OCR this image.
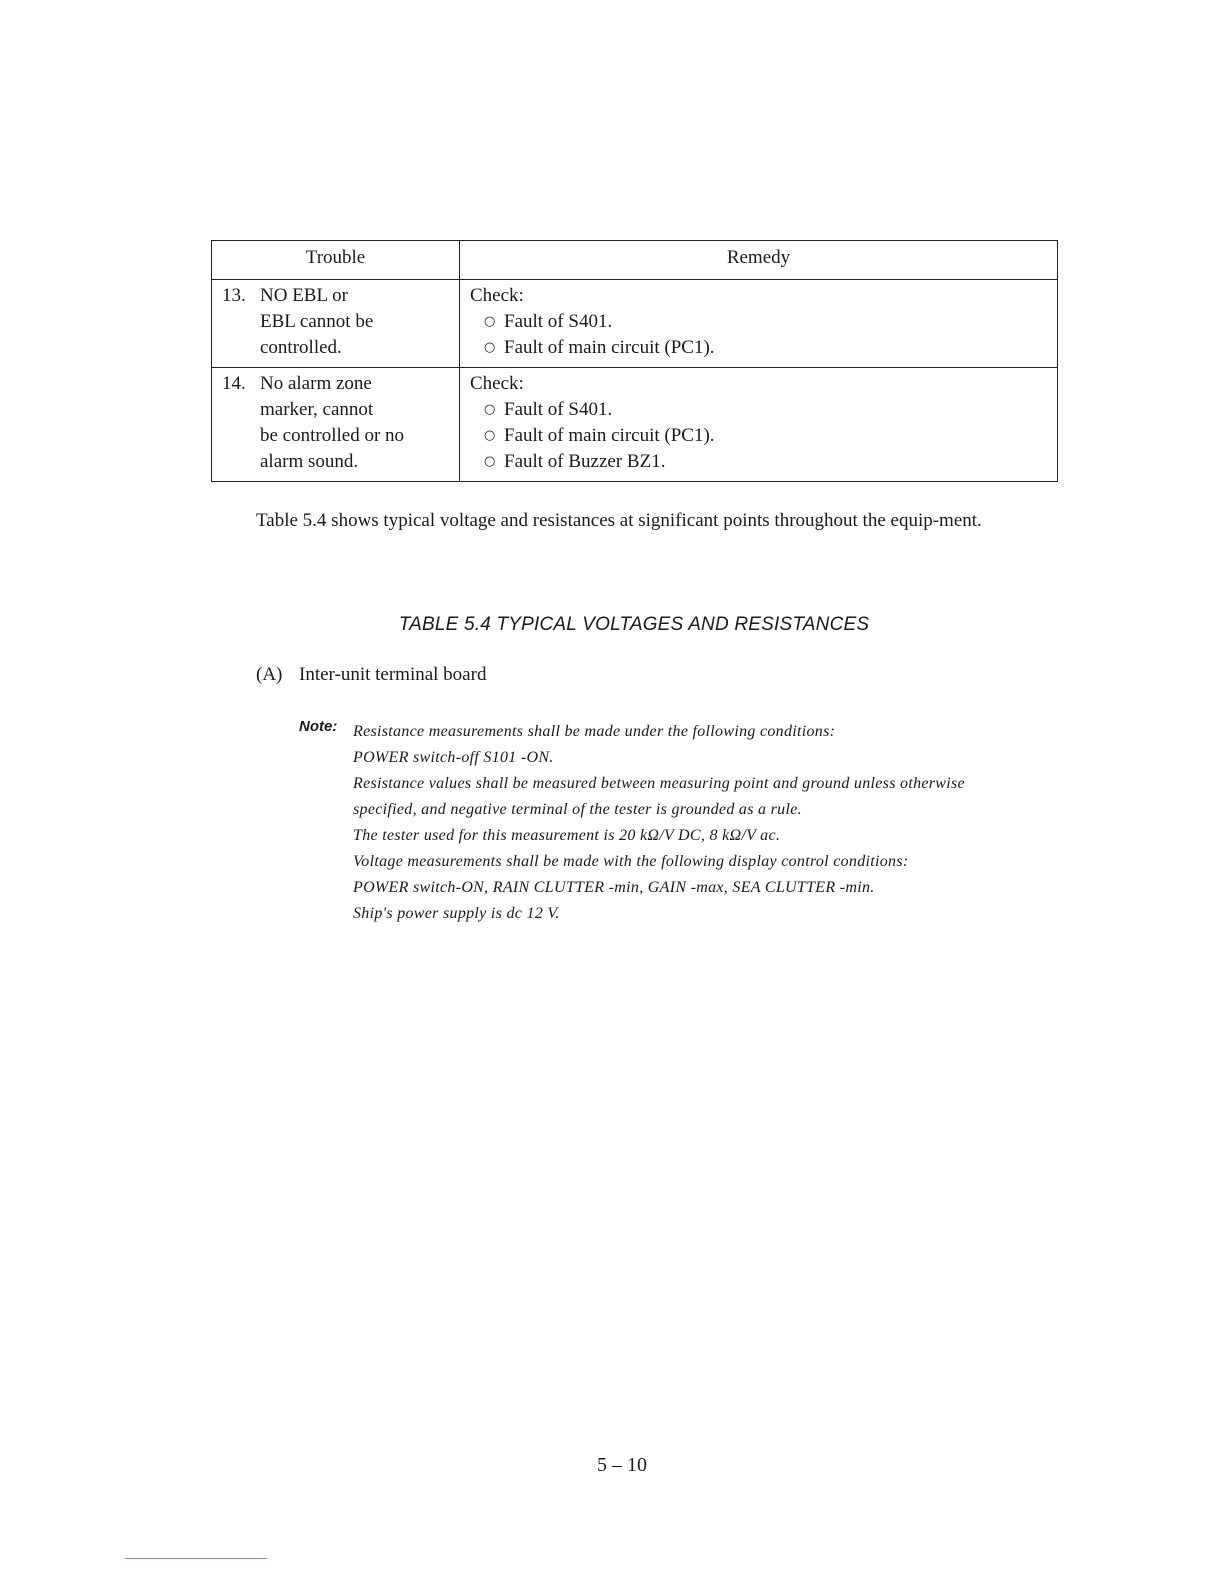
Trouble	Remedy

13. NO EBL or
EBL cannot be
controlled.	Check:
○ Fault of S401.
○ Fault of main circuit (PC1).

14. No alarm zone
marker, cannot
be controlled or no
alarm sound.	Check:
○ Fault of S401.
○ Fault of main circuit (PC1).
○ Fault of Buzzer BZ1.
Table 5.4 shows typical voltage and resistances at significant points throughout the equip-ment.
TABLE 5.4 TYPICAL VOLTAGES AND RESISTANCES
(A) Inter-unit terminal board
Note: Resistance measurements shall be made under the following conditions:
POWER switch-off S101 -ON.
Resistance values shall be measured between measuring point and ground unless otherwise
specified, and negative terminal of the tester is grounded as a rule.
The tester used for this measurement is 20 kΩ/V DC, 8 kΩ/V ac.
Voltage measurements shall be made with the following display control conditions:
POWER switch-ON, RAIN CLUTTER -min, GAIN -max, SEA CLUTTER -min.
Ship's power supply is dc 12 V.
5 – 10
